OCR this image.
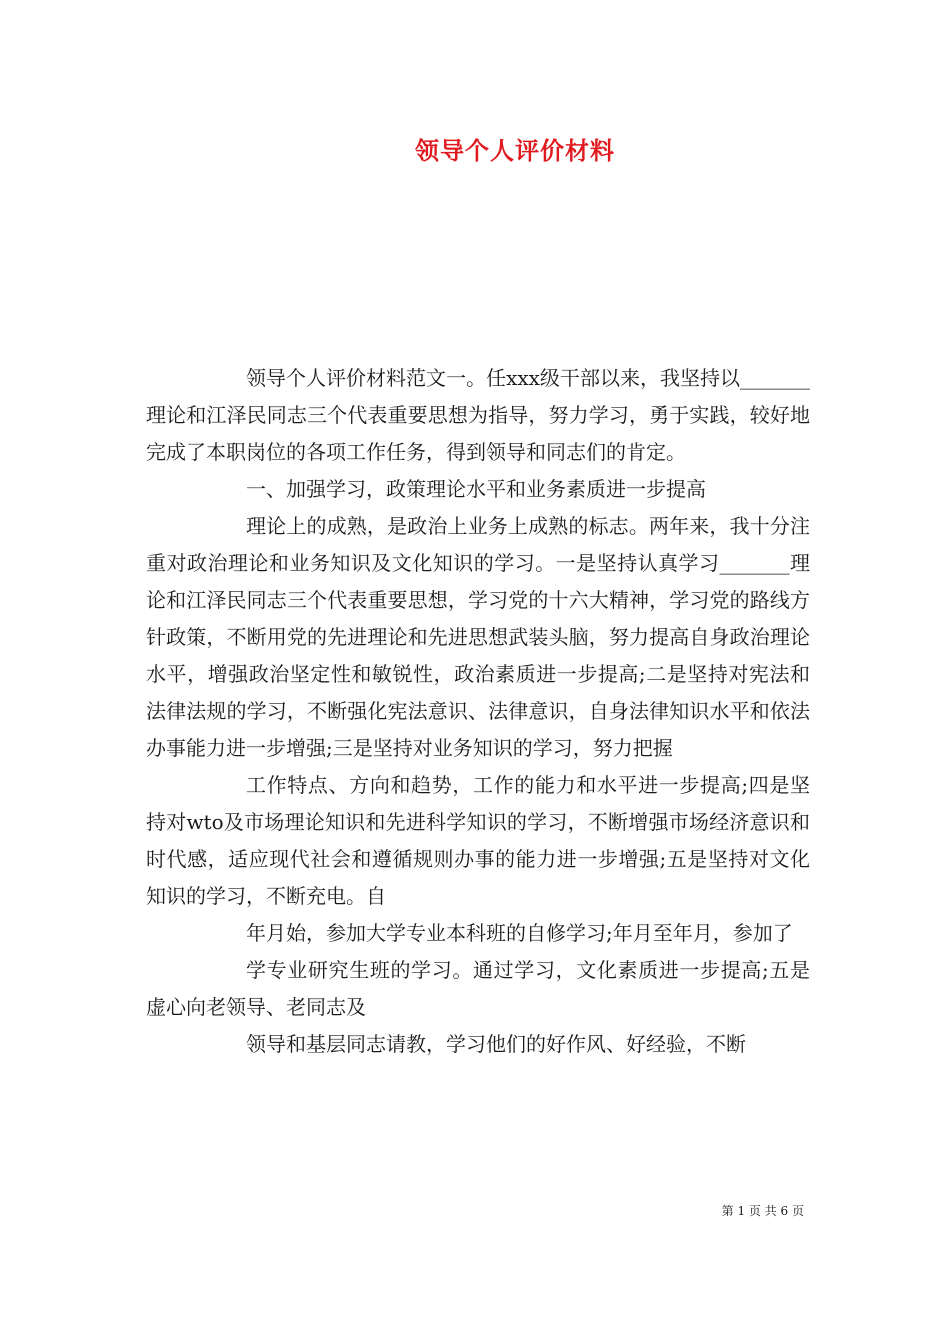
领导个人评价材料

领导个人评价材料范文一。任xxx级干部以来，我坚持以_______理论和江泽民同志三个代表重要思想为指导，努力学习，勇于实践，较好地完成了本职岗位的各项工作任务，得到领导和同志们的肯定。

一、加强学习，政策理论水平和业务素质进一步提高

理论上的成熟，是政治上业务上成熟的标志。两年来，我十分注重对政治理论和业务知识及文化知识的学习。一是坚持认真学习_______理论和江泽民同志三个代表重要思想，学习党的十六大精神，学习党的路线方针政策，不断用党的先进理论和先进思想武装头脑，努力提高自身政治理论水平，增强政治坚定性和敏锐性，政治素质进一步提高;二是坚持对宪法和法律法规的学习，不断强化宪法意识、法律意识，自身法律知识水平和依法办事能力进一步增强;三是坚持对业务知识的学习，努力把握

工作特点、方向和趋势，工作的能力和水平进一步提高;四是坚持对wto及市场理论知识和先进科学知识的学习，不断增强市场经济意识和时代感，适应现代社会和遵循规则办事的能力进一步增强;五是坚持对文化知识的学习，不断充电。自

年月始，参加大学专业本科班的自修学习;年月至年月，参加了

学专业研究生班的学习。通过学习，文化素质进一步提高;五是虚心向老领导、老同志及

领导和基层同志请教，学习他们的好作风、好经验，不断

第 1 页 共 6 页
